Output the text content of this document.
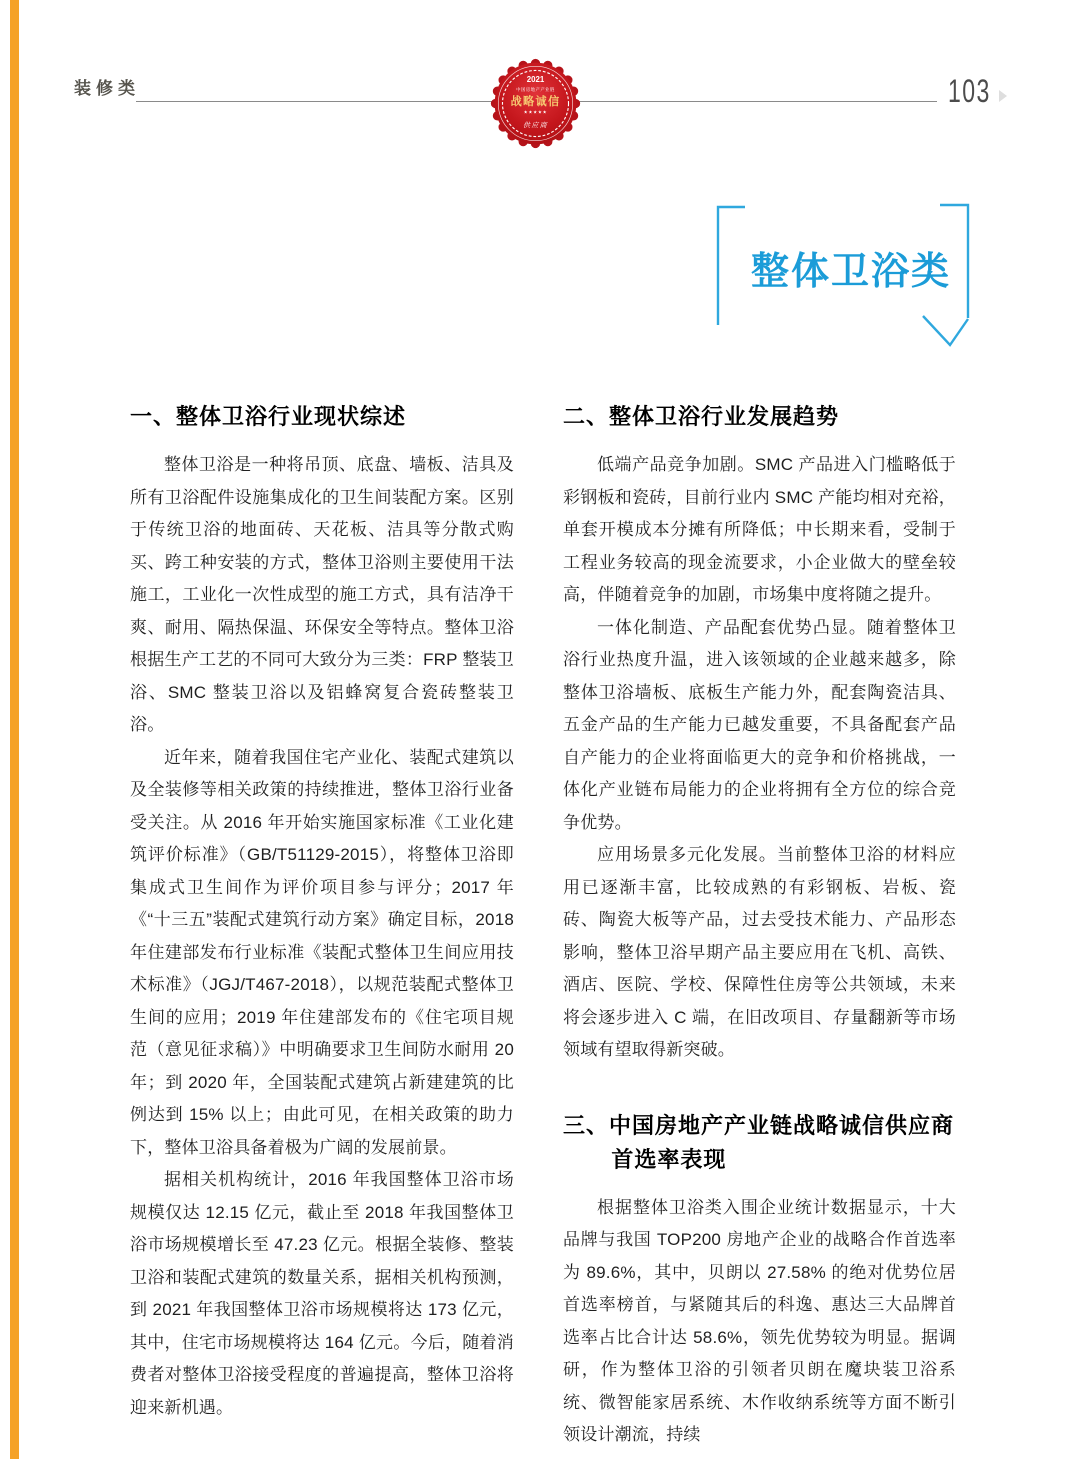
装修类	103
2021
中国房地产产业链
战略诚信
★★★★★
供应商
整体卫浴类
一、整体卫浴行业现状综述

整体卫浴是一种将吊顶、底盘、墙板、洁具及所有卫浴配件设施集成化的卫生间装配方案。区别于传统卫浴的地面砖、天花板、洁具等分散式购买、跨工种安装的方式，整体卫浴则主要使用干法施工，工业化一次性成型的施工方式，具有洁净干爽、耐用、隔热保温、环保安全等特点。整体卫浴根据生产工艺的不同可大致分为三类：FRP 整装卫浴、SMC 整装卫浴以及铝蜂窝复合瓷砖整装卫浴。

近年来，随着我国住宅产业化、装配式建筑以及全装修等相关政策的持续推进，整体卫浴行业备受关注。从 2016 年开始实施国家标准《工业化建筑评价标准》（GB/T51129-2015），将整体卫浴即集成式卫生间作为评价项目参与评分；2017 年《“十三五”装配式建筑行动方案》确定目标，2018 年住建部发布行业标准《装配式整体卫生间应用技术标准》（JGJ/T467-2018），以规范装配式整体卫生间的应用；2019 年住建部发布的《住宅项目规范（意见征求稿）》中明确要求卫生间防水耐用 20 年；到 2020 年，全国装配式建筑占新建建筑的比例达到 15% 以上；由此可见，在相关政策的助力下，整体卫浴具备着极为广阔的发展前景。

据相关机构统计，2016 年我国整体卫浴市场规模仅达 12.15 亿元，截止至 2018 年我国整体卫浴市场规模增长至 47.23 亿元。根据全装修、整装卫浴和装配式建筑的数量关系，据相关机构预测，到 2021 年我国整体卫浴市场规模将达 173 亿元，其中，住宅市场规模将达 164 亿元。今后，随着消费者对整体卫浴接受程度的普遍提高，整体卫浴将迎来新机遇。

二、整体卫浴行业发展趋势

低端产品竞争加剧。SMC 产品进入门槛略低于彩钢板和瓷砖，目前行业内 SMC 产能均相对充裕，单套开模成本分摊有所降低；中长期来看，受制于工程业务较高的现金流要求，小企业做大的壁垒较高，伴随着竞争的加剧，市场集中度将随之提升。

一体化制造、产品配套优势凸显。随着整体卫浴行业热度升温，进入该领域的企业越来越多，除整体卫浴墙板、底板生产能力外，配套陶瓷洁具、五金产品的生产能力已越发重要，不具备配套产品自产能力的企业将面临更大的竞争和价格挑战，一体化产业链布局能力的企业将拥有全方位的综合竞争优势。

应用场景多元化发展。当前整体卫浴的材料应用已逐渐丰富，比较成熟的有彩钢板、岩板、瓷砖、陶瓷大板等产品，过去受技术能力、产品形态影响，整体卫浴早期产品主要应用在飞机、高铁、酒店、医院、学校、保障性住房等公共领域，未来将会逐步进入 C 端，在旧改项目、存量翻新等市场领域有望取得新突破。

三、中国房地产产业链战略诚信供应商首选率表现

根据整体卫浴类入围企业统计数据显示，十大品牌与我国 TOP200 房地产企业的战略合作首选率为 89.6%，其中，贝朗以 27.58% 的绝对优势位居首选率榜首，与紧随其后的科逸、惠达三大品牌首选率占比合计达 58.6%，领先优势较为明显。据调研，作为整体卫浴的引领者贝朗在魔块装卫浴系统、微智能家居系统、木作收纳系统等方面不断引领设计潮流，持续
